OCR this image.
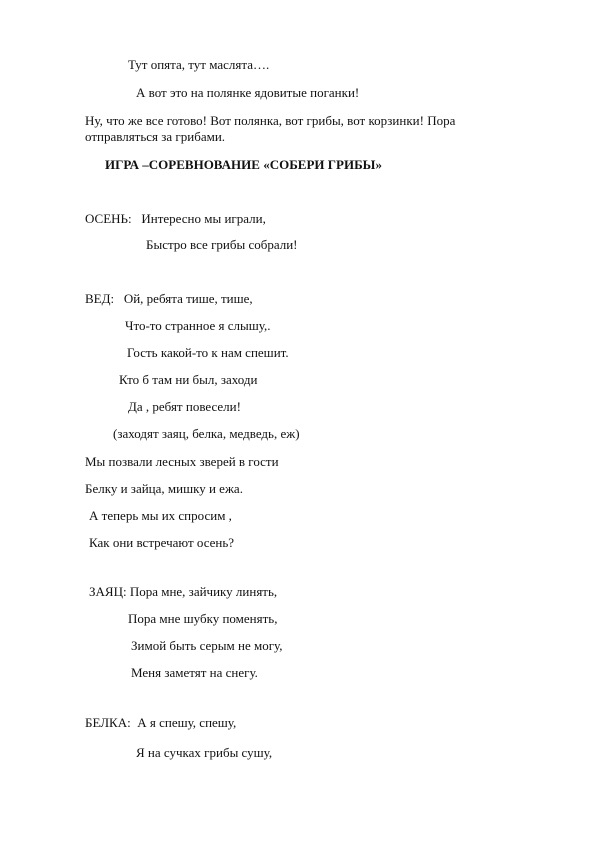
Тут опята, тут маслята….
А вот это на полянке ядовитые поганки!
Ну, что же все готово! Вот полянка, вот грибы, вот корзинки! Пора
отправляться за грибами.
ИГРА –СОРЕВНОВАНИЕ «СОБЕРИ ГРИБЫ»
ОСЕНЬ:   Интересно мы играли,
Быстро все грибы собрали!
ВЕД:   Ой, ребята тише, тише,
Что-то странное я слышу,.
Гость какой-то к нам спешит.
Кто б там ни был, заходи
Да , ребят повесели!
(заходят заяц, белка, медведь, еж)
Мы позвали лесных зверей в гости
Белку и зайца, мишку и ежа.
А теперь мы их спросим ,
Как они встречают осень?
ЗАЯЦ: Пора мне, зайчику линять,
Пора мне шубку поменять,
Зимой быть серым не могу,
Меня заметят на снегу.
БЕЛКА:  А я спешу, спешу,
Я на сучках грибы сушу,
